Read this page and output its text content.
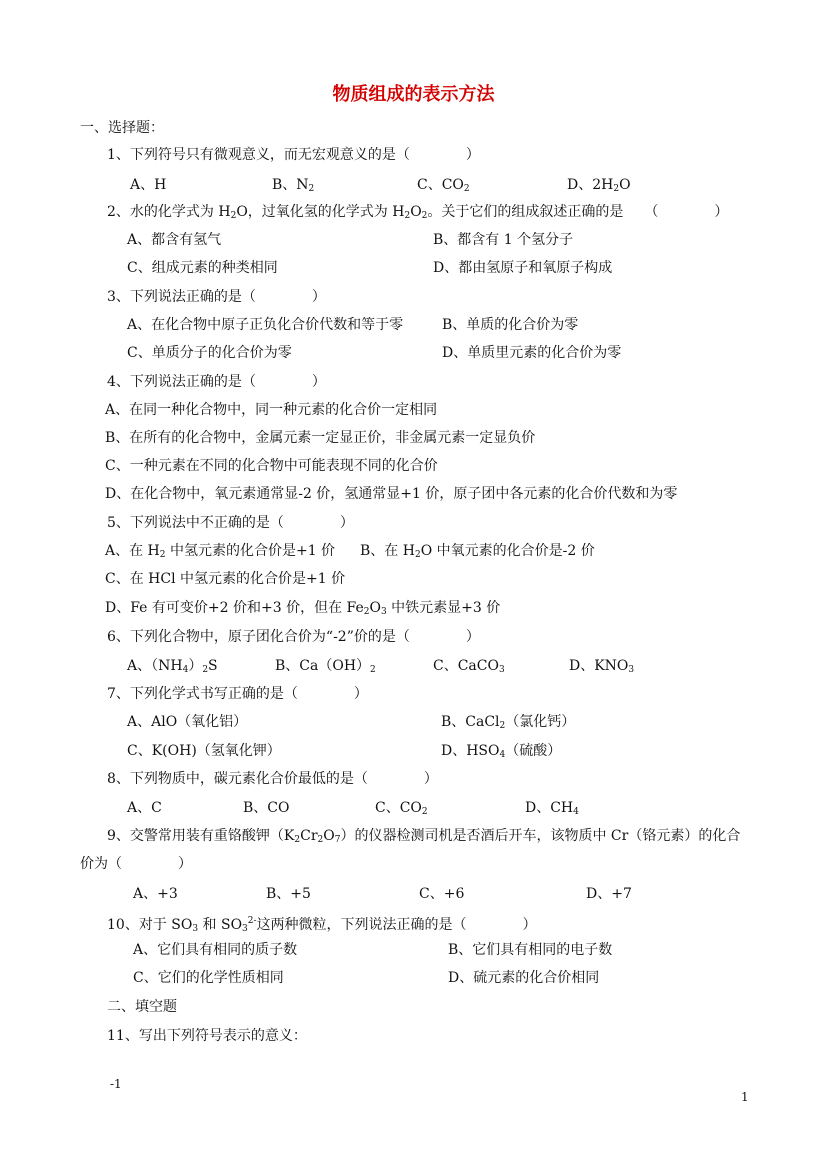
物质组成的表示方法
一、选择题：
1、下列符号只有微观意义，而无宏观意义的是（　　　　）
A、H	B、$N_2$	C、$CO_2$	D、$2H_2O$
2、水的化学式为 $H_2O$，过氧化氢的化学式为 $H_2O_2$。关于它们的组成叙述正确的是　　（　　　　）
A、都含有氢气	B、都含有 1 个氢分子
C、组成元素的种类相同	D、都由氢原子和氧原子构成
3、下列说法正确的是（　　　　）
A、在化合物中原子正负化合价代数和等于零	B、单质的化合价为零
C、单质分子的化合价为零	D、单质里元素的化合价为零
4、下列说法正确的是（　　　　）
A、在同一种化合物中，同一种元素的化合价一定相同
B、在所有的化合物中，金属元素一定显正价，非金属元素一定显负价
C、一种元素在不同的化合物中可能表现不同的化合价
D、在化合物中，氧元素通常显-2 价，氢通常显+1 价，原子团中各元素的化合价代数和为零
5、下列说法中不正确的是（　　　　）
A、在 $H_2$ 中氢元素的化合价是+1 价 B、在 $H_2O$ 中氧元素的化合价是-2 价
C、在 HCl 中氢元素的化合价是+1 价
D、Fe 有可变价+2 价和+3 价，但在 $Fe_2O_3$ 中铁元素显+3 价
6、下列化合物中，原子团化合价为“-2”价的是（　　　　）
A、$(NH_4)_2S$	B、$Ca(OH)_2$	C、CaCO$_3$	D、$KNO_3$
7、下列化学式书写正确的是（　　　　）
A、AlO（氧化铝）	B、CaCl$_2$（氯化钙）
C、K(OH)（氢氧化钾）	D、$HSO_4$（硫酸）
8、下列物质中，碳元素化合价最低的是（　　　　）
A、C	B、CO	C、$CO_2$	D、$CH_4$
9、交警常用装有重铬酸钾$(K_2Cr_2O_7)$的仪器检测司机是否酒后开车，该物质中 Cr（铬元素）的化合
价为（　　　　）
A、+3	B、+5	C、+6	D、+7
10、对于 $SO_3$ 和 $SO_3^{2-}$这两种微粒，下列说法正确的是（　　　　）
A、它们具有相同的质子数	B、它们具有相同的电子数
C、它们的化学性质相同	D、硫元素的化合价相同
二、填空题
11、写出下列符号表示的意义：
-1
1
